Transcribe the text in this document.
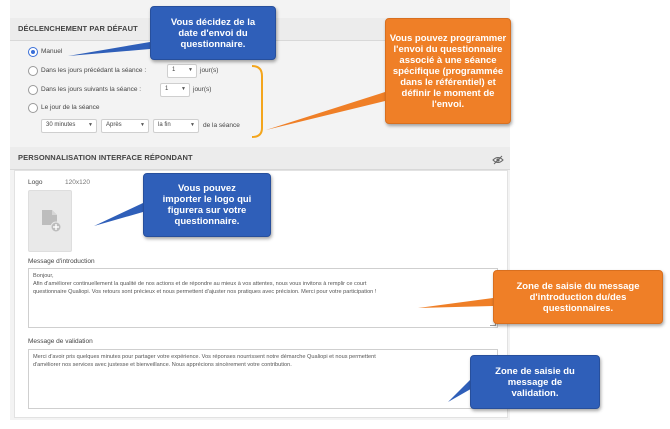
DÉCLENCHEMENT PAR DÉFAUT
Manuel
Dans les jours précédant la séance :	1	▼ jour(s)
Dans les jours suivants la séance :	1	▼ jour(s)
Le jour de la séance
30 minutes	▼ Après	▼ la fin	▼ de la séance
PERSONNALISATION INTERFACE RÉPONDANT
Logo	120x120
Message d'introduction
Bonjour,
Afin d'améliorer continuellement la qualité de nos actions et de répondre au mieux à vos attentes, nous vous invitons à remplir ce court
questionnaire Qualiopi. Vos retours sont précieux et nous permettent d'ajuster nos pratiques avec précision. Merci pour votre participation !
Message de validation
Merci d'avoir pris quelques minutes pour partager votre expérience. Vos réponses nourrissent notre démarche Qualiopi et nous permettent
d'améliorer nos services avec justesse et bienveillance. Nous apprécions sincèrement votre contribution.
Vous décidez de la
date d'envoi du
questionnaire.
Vous pouvez programmer
l'envoi du questionnaire
associé à une séance
spécifique (programmée
dans le référentiel) et
définir le moment de
l'envoi.
Vous pouvez
importer le logo qui
figurera sur votre
questionnaire.
Zone de saisie du message
d'introduction du/des
questionnaires.
Zone de saisie du
message de
validation.
